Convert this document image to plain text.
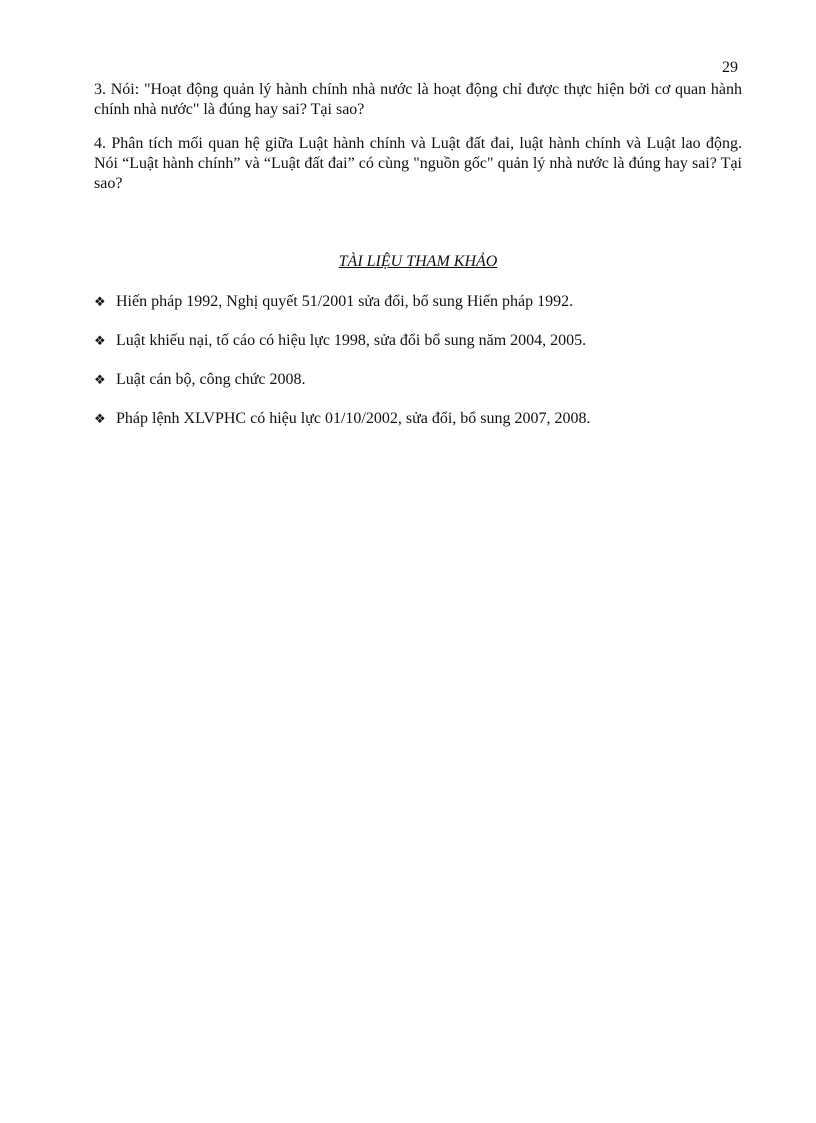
29

3. Nói: "Hoạt động quản lý hành chính nhà nước là hoạt động chỉ được thực hiện bởi cơ quan hành chính nhà nước" là đúng hay sai? Tại sao?

4. Phân tích mối quan hệ giữa Luật hành chính và Luật đất đai, luật hành chính và Luật lao động. Nói “Luật hành chính” và “Luật đất đai” có cùng "nguồn gốc" quản lý nhà nước là đúng hay sai? Tại sao?

TÀI LIỆU THAM KHẢO
❖ Hiến pháp 1992, Nghị quyết 51/2001 sửa đổi, bổ sung Hiến pháp 1992.
❖ Luật khiếu nại, tố cáo có hiệu lực 1998, sửa đổi bổ sung năm 2004, 2005.
❖ Luật cán bộ, công chức 2008.
❖ Pháp lệnh XLVPHC có hiệu lực 01/10/2002, sửa đổi, bổ sung 2007, 2008.
